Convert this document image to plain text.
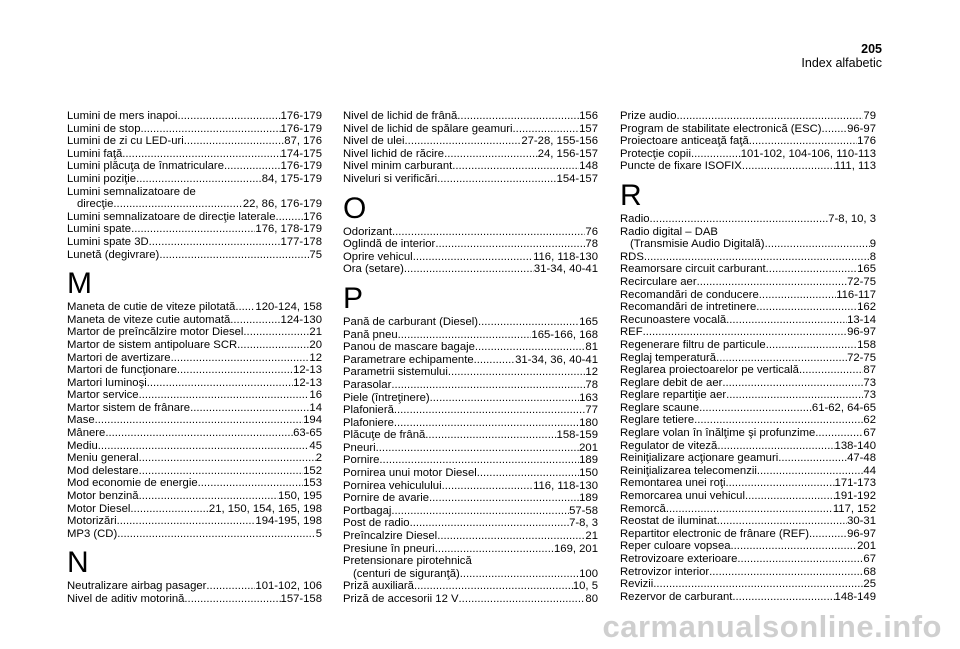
205
Index alfabetic
Lumini de mers inapoi .....	176-179
Lumini de stop .....	176-179
Lumini de zi cu LED-uri .....	87, 176
Lumini faţă .....	174-175
Lumini plăcuţa de înmatriculare .....	176-179
Lumini poziţie .....	84, 175-179
Lumini semnalizatoare de
direcţie .....	22, 86, 176-179
Lumini semnalizatoare de direcţie laterale ..... 176
Lumini spate .....	176, 178-179
Lumini spate 3D .....	177-178
Lunetă (degivrare) .....	75
M
Maneta de cutie de viteze pilotată ..... 120-124, 158
Maneta de viteze cutie automată .....	124-130
Martor de preîncălzire motor Diesel .....	21
Martor de sistem antipoluare SCR .....	20
Martori de avertizare .....	12
Martori de funcţionare .....	12-13
Martori luminoşi .....	12-13
Martor service .....	16
Martor sistem de frânare .....	14
Mase .....	194
Mânere .....	63-65
Mediu .....	45
Meniu general .....	2
Mod delestare .....	152
Mod economie de energie .....	153
Motor benzină .....	150, 195
Motor Diesel .....	21, 150, 154, 165, 198
Motorizări .....	194-195, 198
MP3 (CD) .....	5
N
Neutralizare airbag pasager .....	101-102, 106
Nivel de aditiv motorină .....	157-158
Nivel de lichid de frână .....	156
Nivel de lichid de spălare geamuri .....	157
Nivel de ulei .....	27-28, 155-156
Nivel lichid de răcire .....	24, 156-157
Nivel minim carburant .....	148
Niveluri si verificări .....	154-157
O
Odorizant .....	76
Oglindă de interior .....	78
Oprire vehicul .....	116, 118-130
Ora (setare) .....	31-34, 40-41
P
Pană de carburant (Diesel) .....	165
Pană pneu .....	165-166, 168
Panou de mascare bagaje .....	81
Parametrare echipamente .....	31-34, 36, 40-41
Parametrii sistemului .....	12
Parasolar .....	78
Piele (întreţinere) .....	163
Plafonieră .....	77
Plafoniere .....	180
Plăcuţe de frână .....	158-159
Pneuri .....	201
Pornire .....	189
Pornirea unui motor Diesel .....	150
Pornirea vehiculului .....	116, 118-130
Pornire de avarie .....	189
Portbagaj .....	57-58
Post de radio .....	7-8, 3
Preîncalzire Diesel .....	21
Presiune în pneuri .....	169, 201
Pretensionare pirotehnică
(centuri de siguranţă) .....	100
Priză auxiliară .....	10, 5
Priză de accesorii 12 V .....	80
Prize audio .....	79
Program de stabilitate electronică (ESC) ..... 96-97
Proiectoare anticeaţă faţă .....	176
Protecţie copii .....	101-102, 104-106, 110-113
Puncte de fixare ISOFIX .....	111, 113
R
Radio .....	7-8, 10, 3
Radio digital – DAB
(Transmisie Audio Digitală) .....	9
RDS .....	8
Reamorsare circuit carburant .....	165
Recirculare aer .....	72-75
Recomandări de conducere .....	116-117
Recomandări de intretinere .....	162
Recunoastere vocală .....	13-14
REF .....	96-97
Regenerare filtru de particule .....	158
Reglaj temperatură .....	72-75
Reglarea proiectoarelor pe verticală .....	87
Reglare debit de aer .....	73
Reglare repartiţie aer .....	73
Reglare scaune .....	61-62, 64-65
Reglare tetiere .....	62
Reglare volan în înălţime şi profunzime .....	67
Regulator de viteză .....	138-140
Reiniţializare acţionare geamuri .....	47-48
Reiniţializarea telecomenzii .....	44
Remontarea unei roţi .....	171-173
Remorcarea unui vehicul .....	191-192
Remorcă .....	117, 152
Reostat de iluminat .....	30-31
Repartitor electronic de frânare (REF) .....	96-97
Reper culoare vopsea .....	201
Retrovizoare exterioare .....	67
Retrovizor interior .....	68
Revizii .....	25
Rezervor de carburant .....	148-149
carmanualsonline.info
